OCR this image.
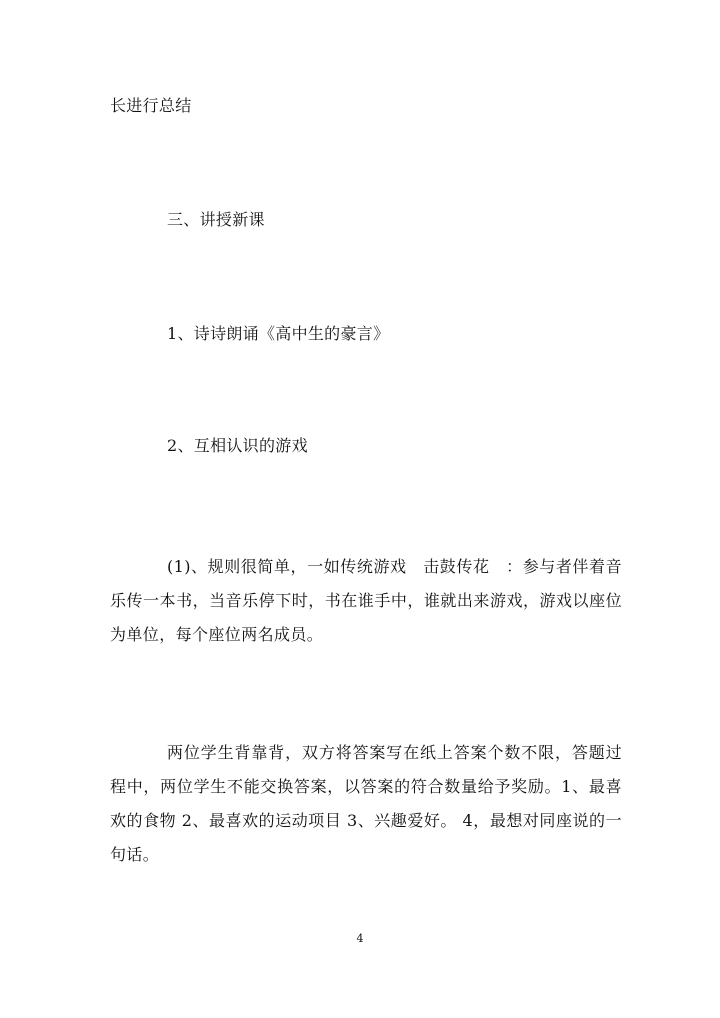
长进行总结
三、讲授新课
1、诗诗朗诵《高中生的豪言》
2、互相认识的游戏
(1)、规则很简单，一如传统游戏　击鼓传花　：参与者伴着音乐传一本书，当音乐停下时，书在谁手中，谁就出来游戏，游戏以座位为单位，每个座位两名成员。
两位学生背靠背，双方将答案写在纸上答案个数不限，答题过程中，两位学生不能交换答案，以答案的符合数量给予奖励。1、最喜欢的食物 2、最喜欢的运动项目 3、兴趣爱好。 4，最想对同座说的一句话。
4
